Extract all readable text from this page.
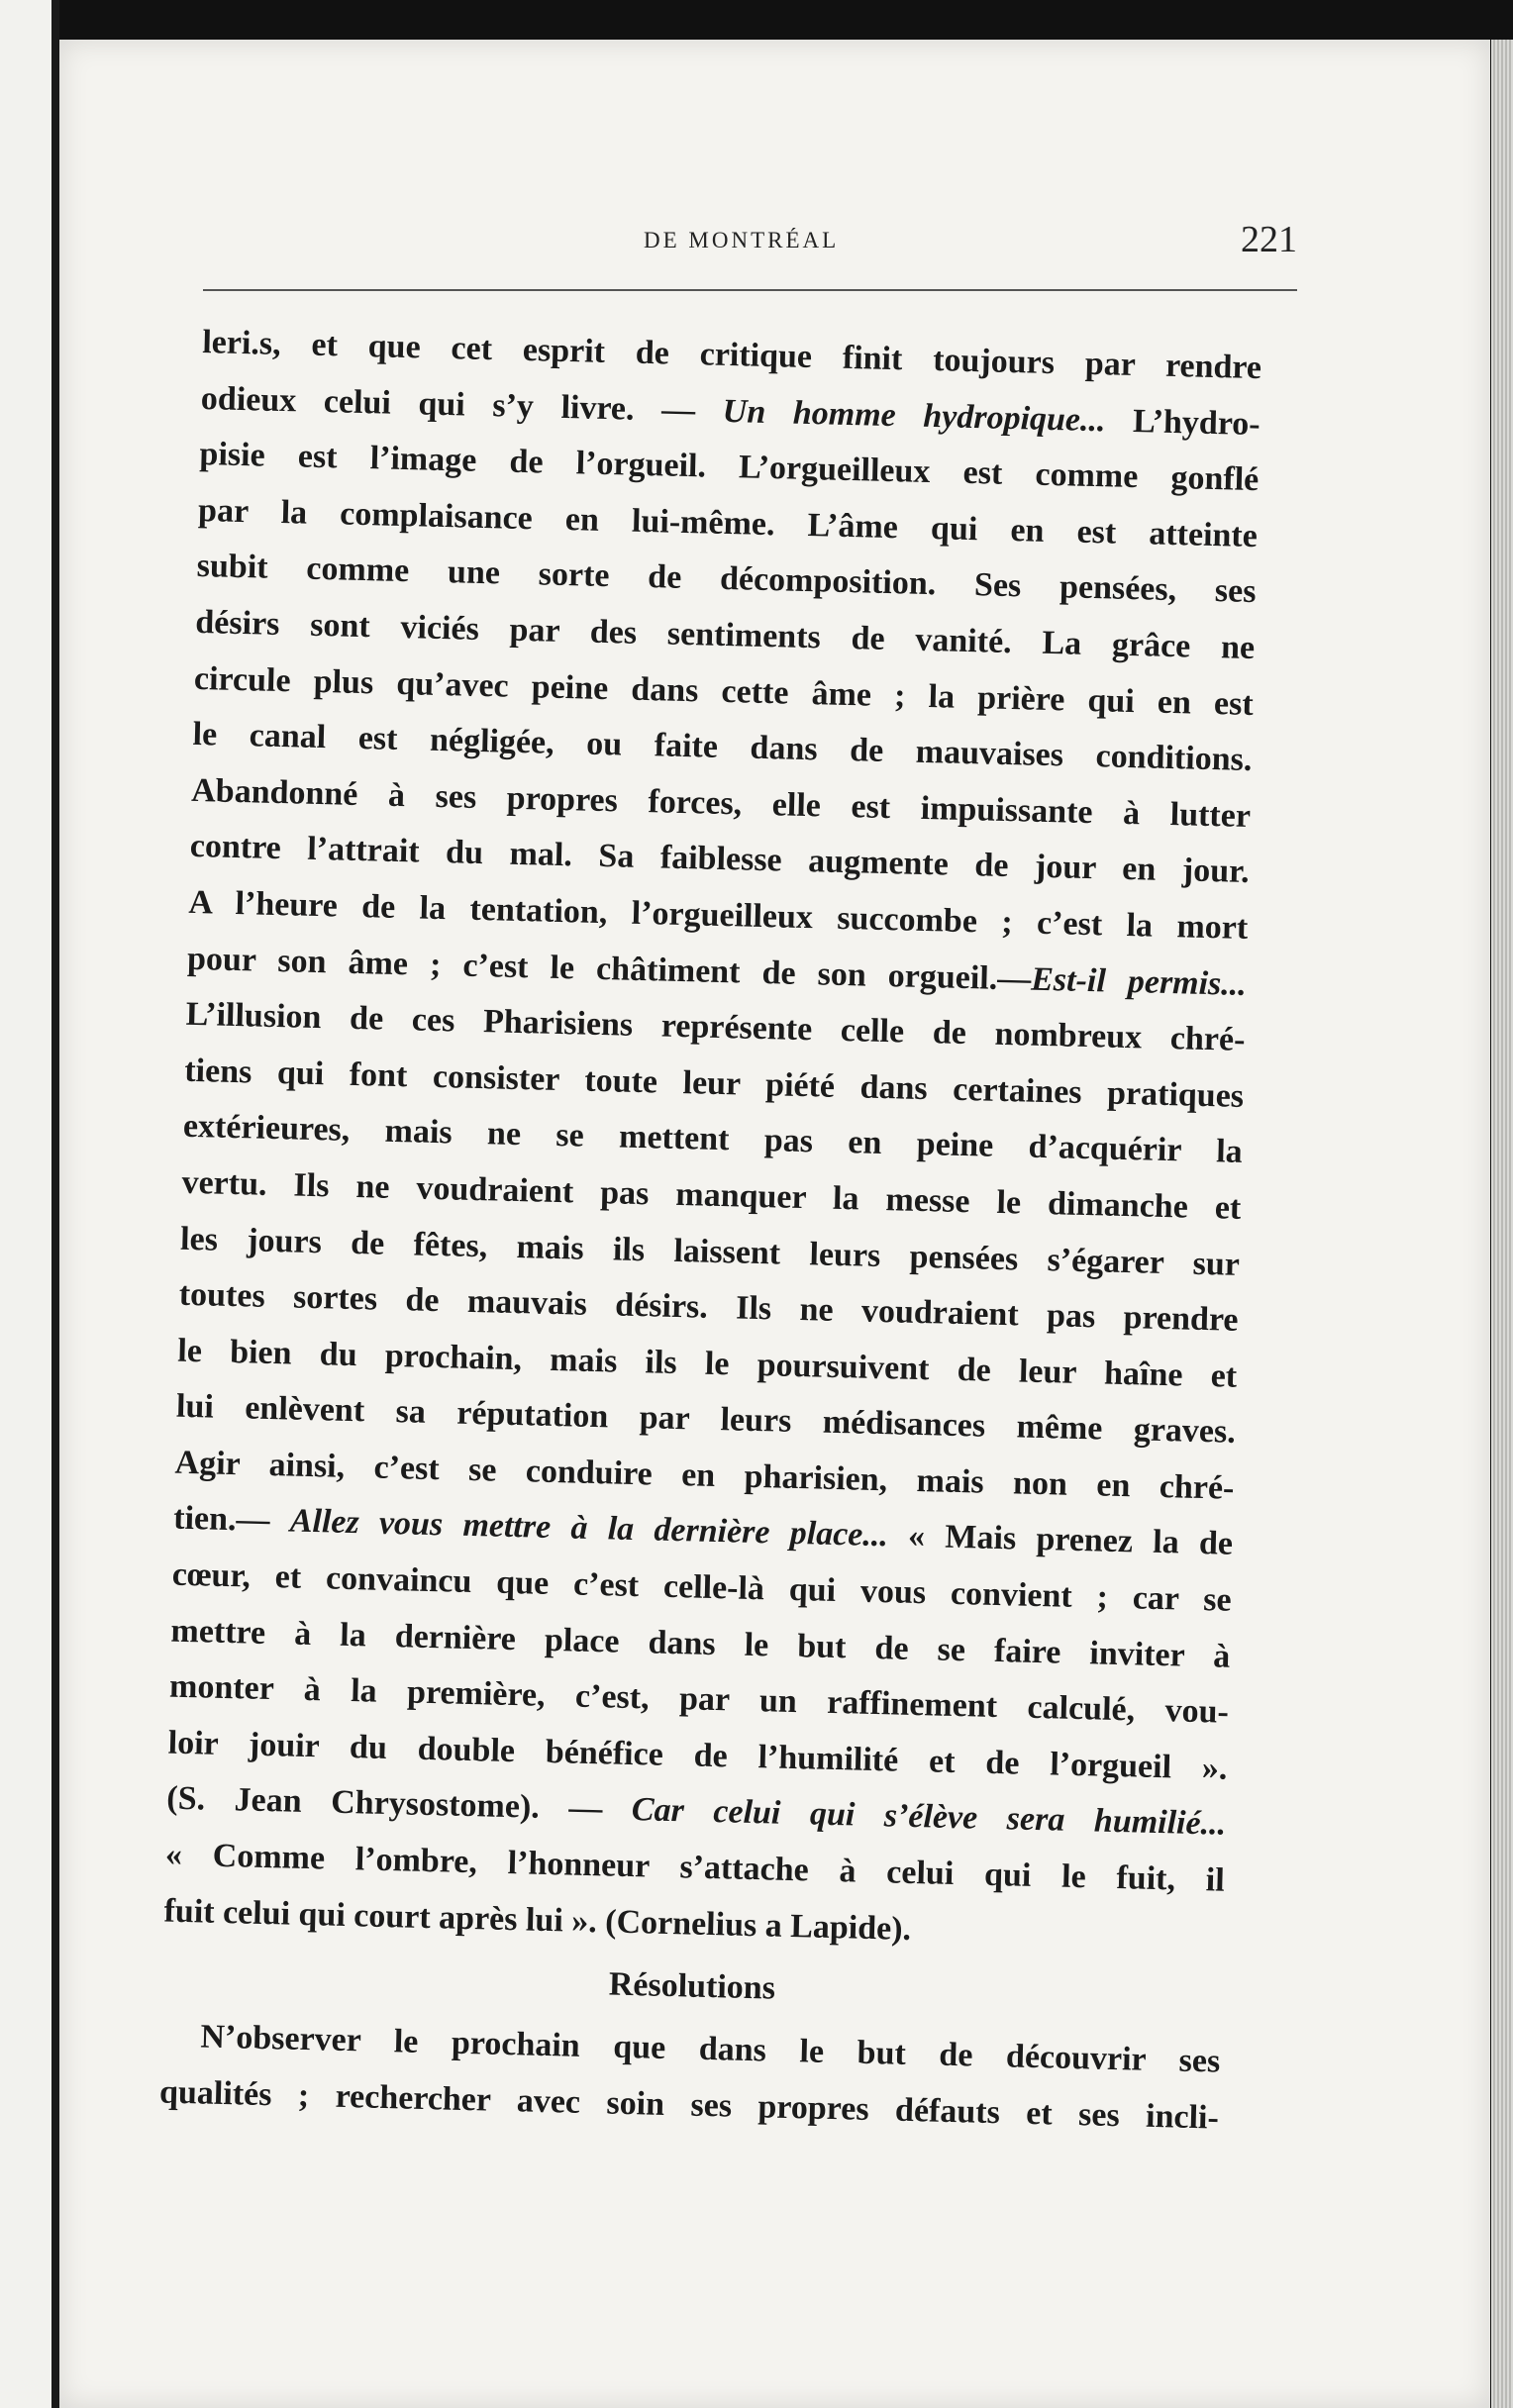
DE MONTRÉAL	221
leri.s, et que cet esprit de critique finit toujours par rendre
odieux celui qui s’y livre. — Un homme hydropique... L’hydro-
pisie est l’image de l’orgueil. L’orgueilleux est comme gonflé
par la complaisance en lui-même. L’âme qui en est atteinte
subit comme une sorte de décomposition. Ses pensées, ses
désirs sont viciés par des sentiments de vanité. La grâce ne
circule plus qu’avec peine dans cette âme ; la prière qui en est
le canal est négligée, ou faite dans de mauvaises conditions.
Abandonné à ses propres forces, elle est impuissante à lutter
contre l’attrait du mal. Sa faiblesse augmente de jour en jour.
A l’heure de la tentation, l’orgueilleux succombe ; c’est la mort
pour son âme ; c’est le châtiment de son orgueil.—Est-il permis...
L’illusion de ces Pharisiens représente celle de nombreux chré-
tiens qui font consister toute leur piété dans certaines pratiques
extérieures, mais ne se mettent pas en peine d’acquérir la
vertu. Ils ne voudraient pas manquer la messe le dimanche et
les jours de fêtes, mais ils laissent leurs pensées s’égarer sur
toutes sortes de mauvais désirs. Ils ne voudraient pas prendre
le bien du prochain, mais ils le poursuivent de leur haîne et
lui enlèvent sa réputation par leurs médisances même graves.
Agir ainsi, c’est se conduire en pharisien, mais non en chré-
tien.— Allez vous mettre à la dernière place... « Mais prenez la de
cœur, et convaincu que c’est celle-là qui vous convient ; car se
mettre à la dernière place dans le but de se faire inviter à
monter à la première, c’est, par un raffinement calculé, vou-
loir jouir du double bénéfice de l’humilité et de l’orgueil ».
(S. Jean Chrysostome). — Car celui qui s’élève sera humilié...
« Comme l’ombre, l’honneur s’attache à celui qui le fuit, il
fuit celui qui court après lui ». (Cornelius a Lapide).
Résolutions
N’observer le prochain que dans le but de découvrir ses
qualités ; rechercher avec soin ses propres défauts et ses incli-
